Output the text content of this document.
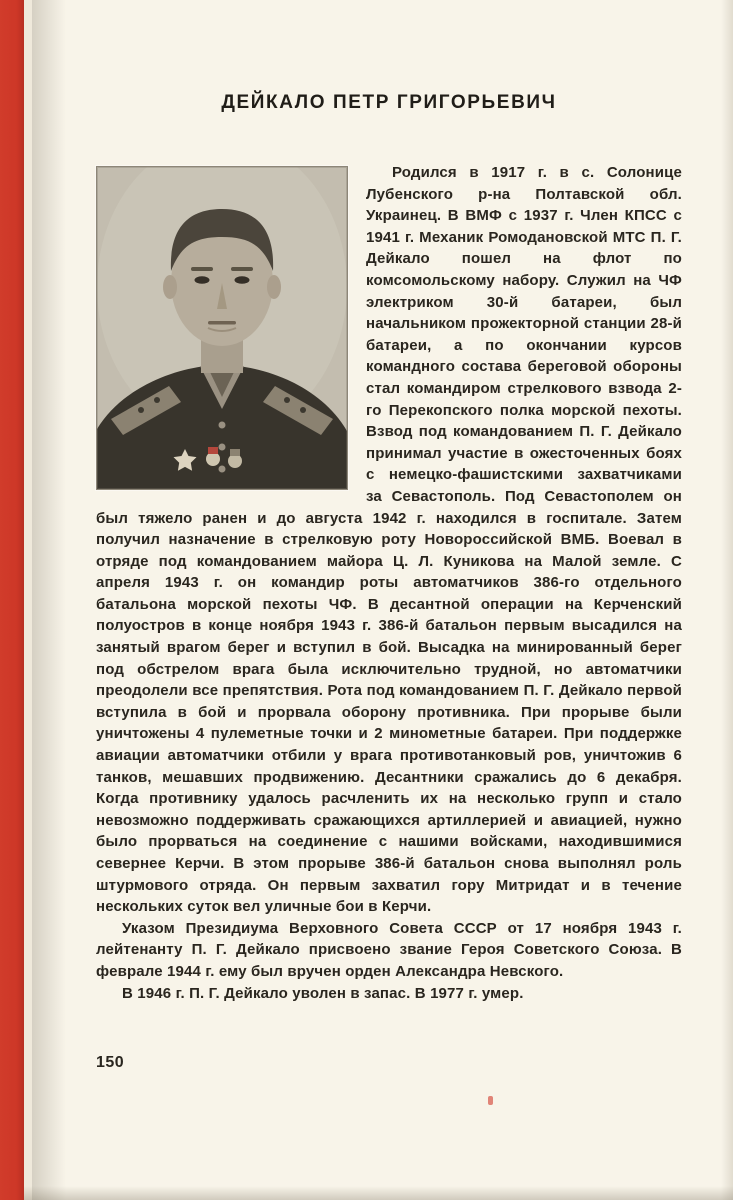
ДЕЙКАЛО ПЕТР ГРИГОРЬЕВИЧ

Родился в 1917 г. в с. Солонице Лубенского р-на Полтавской обл. Украинец. В ВМФ с 1937 г. Член КПСС с 1941 г. Механик Ромодановской МТС П. Г. Дейкало пошел на флот по комсомольскому набору. Служил на ЧФ электриком 30-й батареи, был начальником прожекторной станции 28-й батареи, а по окончании курсов командного состава береговой обороны стал командиром стрелкового взвода 2-го Перекопского полка морской пехоты. Взвод под командованием П. Г. Дейкало принимал участие в ожесточенных боях с немецко-фашистскими захватчиками за Севастополь. Под Севастополем он был тяжело ранен и до августа 1942 г. находился в госпитале. Затем получил назначение в стрелковую роту Новороссийской ВМБ. Воевал в отряде под командованием майора Ц. Л. Куникова на Малой земле. С апреля 1943 г. он командир роты автоматчиков 386-го отдельного батальона морской пехоты ЧФ. В десантной операции на Керченский полуостров в конце ноября 1943 г. 386-й батальон первым высадился на занятый врагом берег и вступил в бой. Высадка на минированный берег под обстрелом врага была исключительно трудной, но автоматчики преодолели все препятствия. Рота под командованием П. Г. Дейкало первой вступила в бой и прорвала оборону противника. При прорыве были уничтожены 4 пулеметные точки и 2 минометные батареи. При поддержке авиации автоматчики отбили у врага противотанковый ров, уничтожив 6 танков, мешавших продвижению. Десантники сражались до 6 декабря. Когда противнику удалось расчленить их на несколько групп и стало невозможно поддерживать сражающихся артиллерией и авиацией, нужно было прорваться на соединение с нашими войсками, находившимися севернее Керчи. В этом прорыве 386-й батальон снова выполнял роль штурмового отряда. Он первым захватил гору Митридат и в течение нескольких суток вел уличные бои в Керчи.

Указом Президиума Верховного Совета СССР от 17 ноября 1943 г. лейтенанту П. Г. Дейкало присвоено звание Героя Советского Союза. В феврале 1944 г. ему был вручен орден Александра Невского.

В 1946 г. П. Г. Дейкало уволен в запас. В 1977 г. умер.

150
